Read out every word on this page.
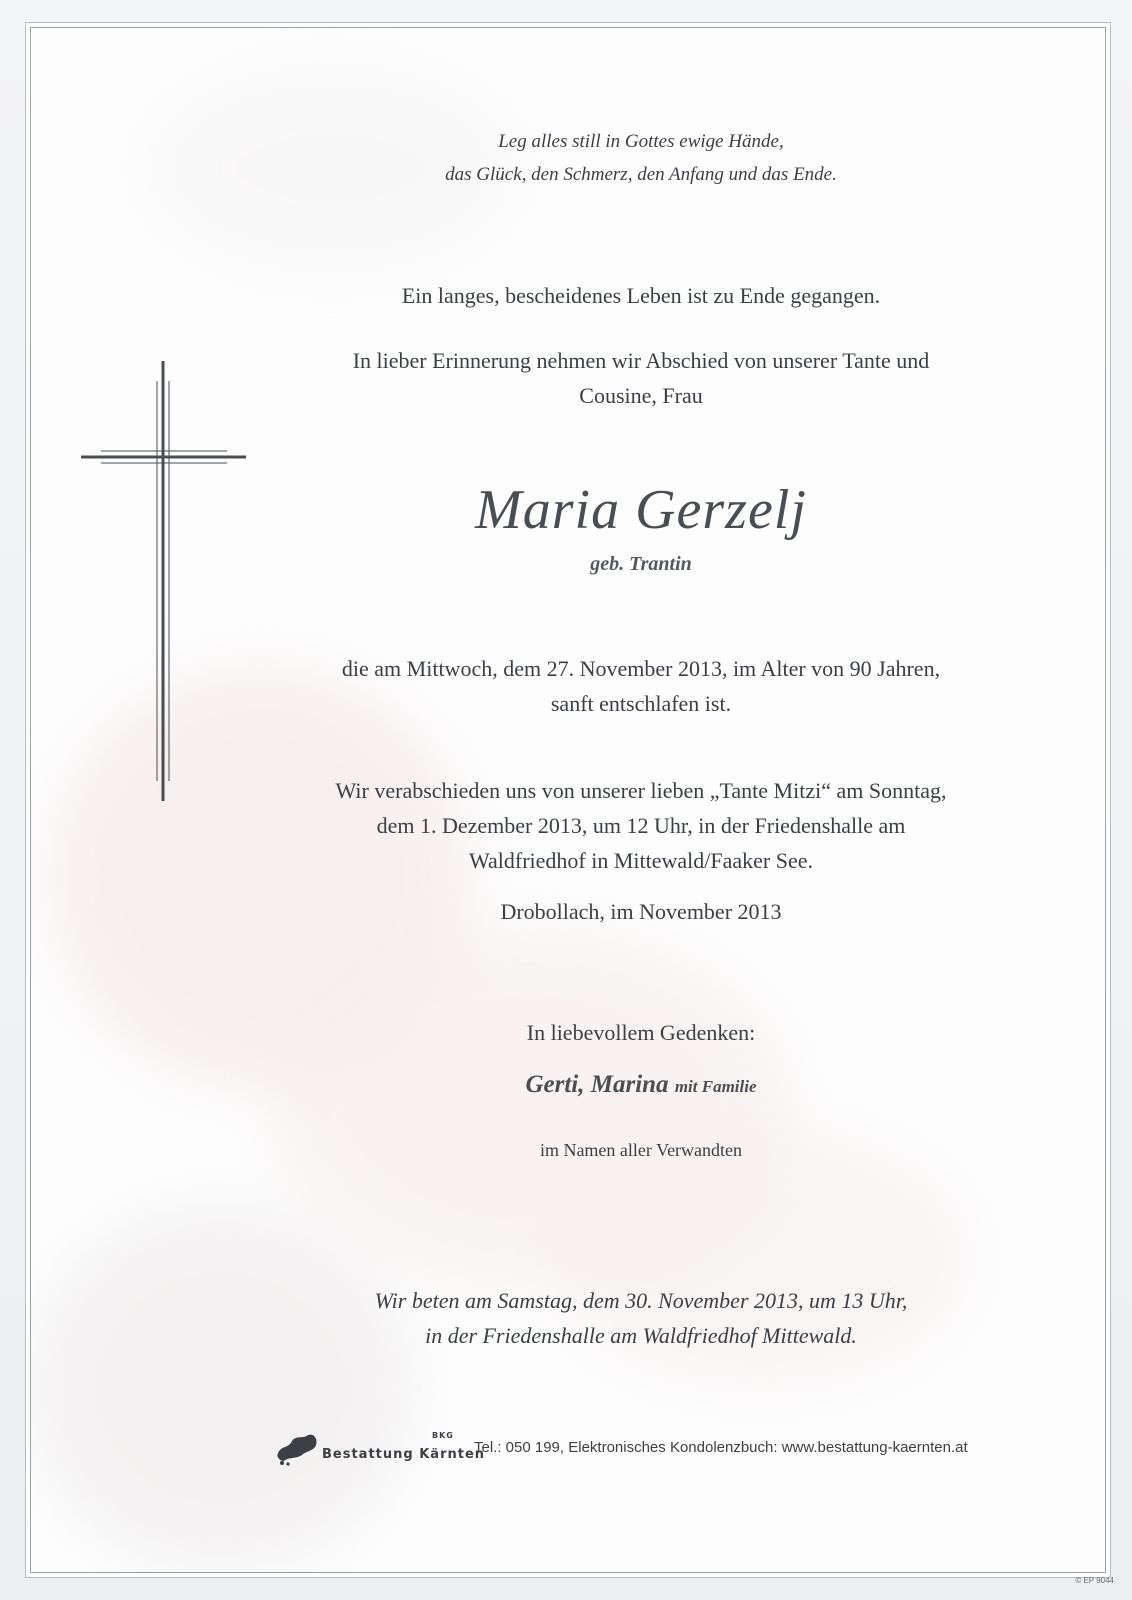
Leg alles still in Gottes ewige Hände,
das Glück, den Schmerz, den Anfang und das Ende.
Ein langes, bescheidenes Leben ist zu Ende gegangen.
In lieber Erinnerung nehmen wir Abschied von unserer Tante und
Cousine, Frau
Maria Gerzelj
geb. Trantin
die am Mittwoch, dem 27. November 2013, im Alter von 90 Jahren,
sanft entschlafen ist.
Wir verabschieden uns von unserer lieben „Tante Mitzi“ am Sonntag,
dem 1. Dezember 2013, um 12 Uhr, in der Friedenshalle am
Waldfriedhof in Mittewald/Faaker See.
Drobollach, im November 2013
In liebevollem Gedenken:
Gerti, Marina mit Familie
im Namen aller Verwandten
Wir beten am Samstag, dem 30. November 2013, um 13 Uhr,
in der Friedenshalle am Waldfriedhof Mittewald.
BKG
Bestattung Kärnten
Tel.: 050 199, Elektronisches Kondolenzbuch: www.bestattung-kaernten.at
© EP 9044
